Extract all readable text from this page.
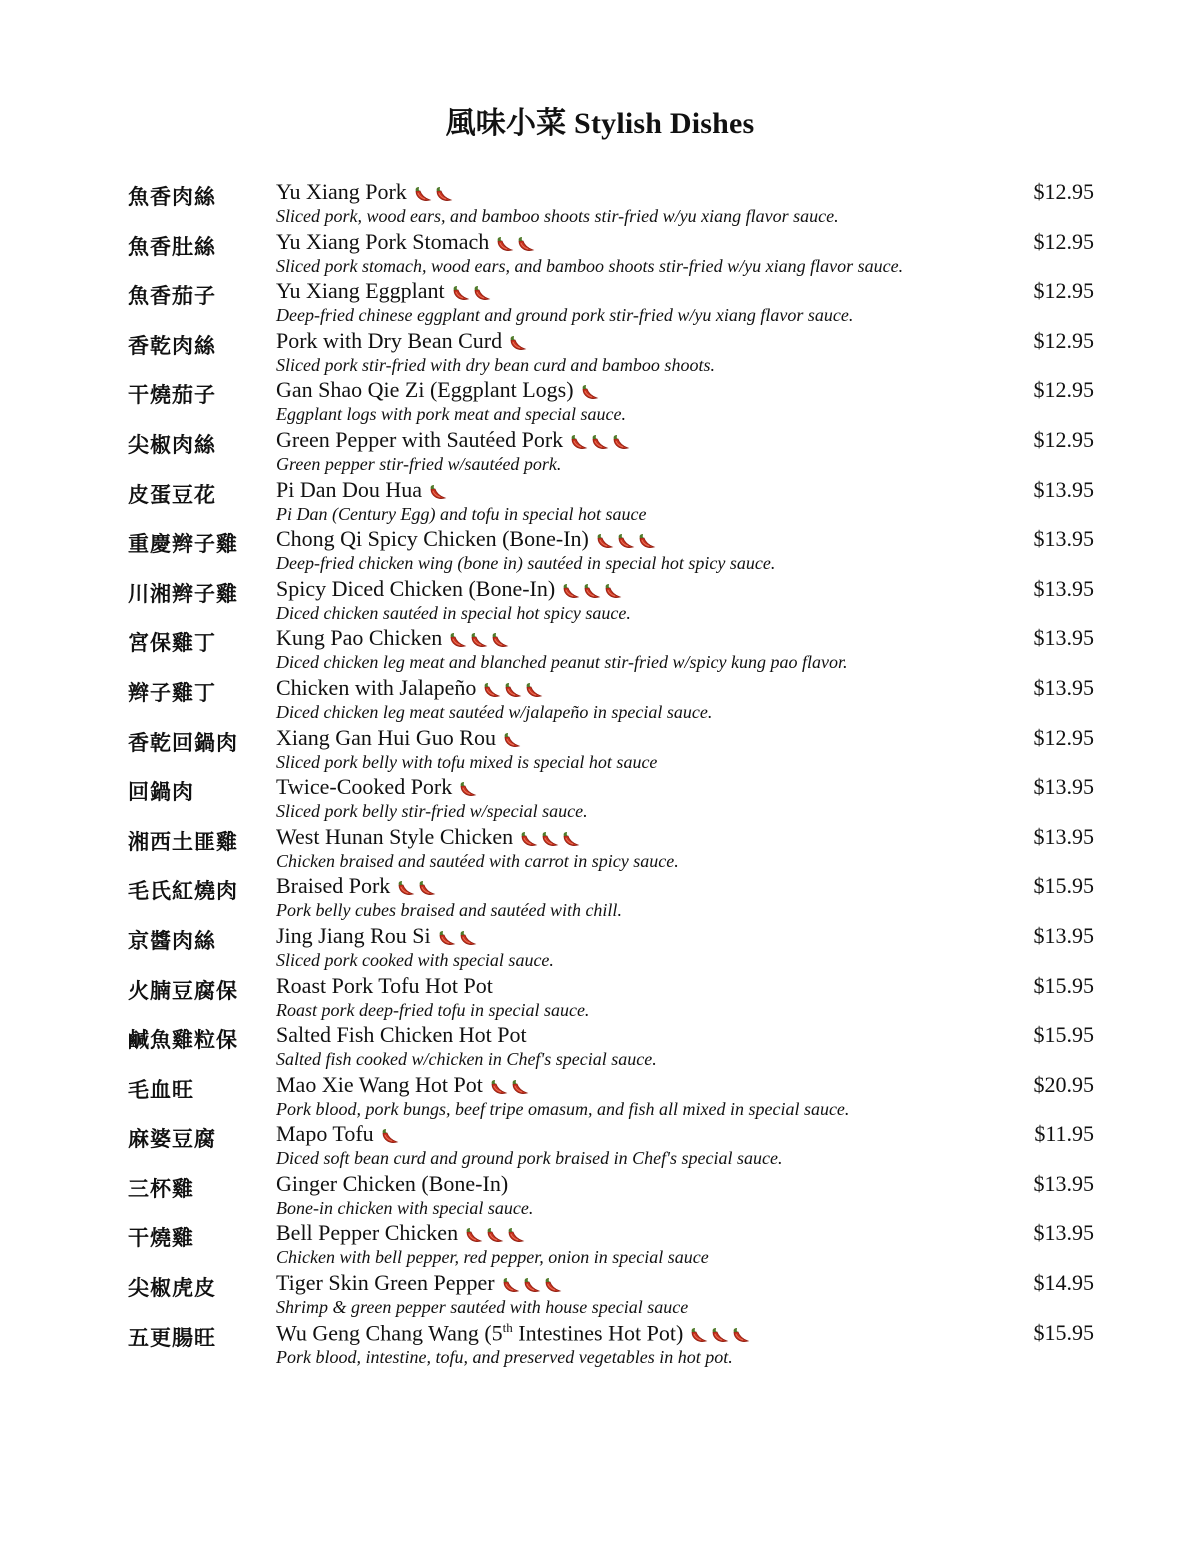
風味小菜 Stylish Dishes
魚香肉絲	Yu Xiang Pork
Sliced pork, wood ears, and bamboo shoots stir-fried w/yu xiang flavor sauce.
$12.95
魚香肚絲	Yu Xiang Pork Stomach
Sliced pork stomach, wood ears, and bamboo shoots stir-fried w/yu xiang flavor sauce.
$12.95
魚香茄子	Yu Xiang Eggplant
Deep-fried chinese eggplant and ground pork stir-fried w/yu xiang flavor sauce.
$12.95
香乾肉絲	Pork with Dry Bean Curd
Sliced pork stir-fried with dry bean curd and bamboo shoots.
$12.95
干燒茄子	Gan Shao Qie Zi (Eggplant Logs)
Eggplant logs with pork meat and special sauce.
$12.95
尖椒肉絲	Green Pepper with Sautéed Pork
Green pepper stir-fried w/sautéed pork.
$12.95
皮蛋豆花	Pi Dan Dou Hua
Pi Dan (Century Egg) and tofu in special hot sauce
$13.95
重慶辫子雞 Chong Qi Spicy Chicken (Bone-In)
Deep-fried chicken wing (bone in) sautéed in special hot spicy sauce.
$13.95
川湘辫子雞 Spicy Diced Chicken (Bone-In)
Diced chicken sautéed in special hot spicy sauce.
$13.95
宮保雞丁	Kung Pao Chicken
Diced chicken leg meat and blanched peanut stir-fried w/spicy kung pao flavor.
$13.95
辫子雞丁	Chicken with Jalapeño
Diced chicken leg meat sautéed w/jalapeño in special sauce.
$13.95
香乾回鍋肉 Xiang Gan Hui Guo Rou
Sliced pork belly with tofu mixed is special hot sauce
$12.95
回鍋肉	Twice-Cooked Pork
Sliced pork belly stir-fried w/special sauce.
$13.95
湘西土匪雞 West Hunan Style Chicken
Chicken braised and sautéed with carrot in spicy sauce.
$13.95
毛氏紅燒肉 Braised Pork
Pork belly cubes braised and sautéed with chill.
$15.95
京醬肉絲	Jing Jiang Rou Si
Sliced pork cooked with special sauce.
$13.95
火腩豆腐保 Roast Pork Tofu Hot Pot
Roast pork deep-fried tofu in special sauce.
$15.95
鹹魚雞粒保 Salted Fish Chicken Hot Pot
Salted fish cooked w/chicken in Chef's special sauce.
$15.95
毛血旺	Mao Xie Wang Hot Pot
Pork blood, pork bungs, beef tripe omasum, and fish all mixed in special sauce.
$20.95
麻婆豆腐	Mapo Tofu
Diced soft bean curd and ground pork braised in Chef's special sauce.
$11.95
三杯雞	Ginger Chicken (Bone-In)
Bone-in chicken with special sauce.
$13.95
干燒雞	Bell Pepper Chicken
Chicken with bell pepper, red pepper, onion in special sauce
$13.95
尖椒虎皮	Tiger Skin Green Pepper
Shrimp & green pepper sautéed with house special sauce
$14.95
五更腸旺	Wu Geng Chang Wang (5th Intestines Hot Pot)
Pork blood, intestine, tofu, and preserved vegetables in hot pot.
$15.95
